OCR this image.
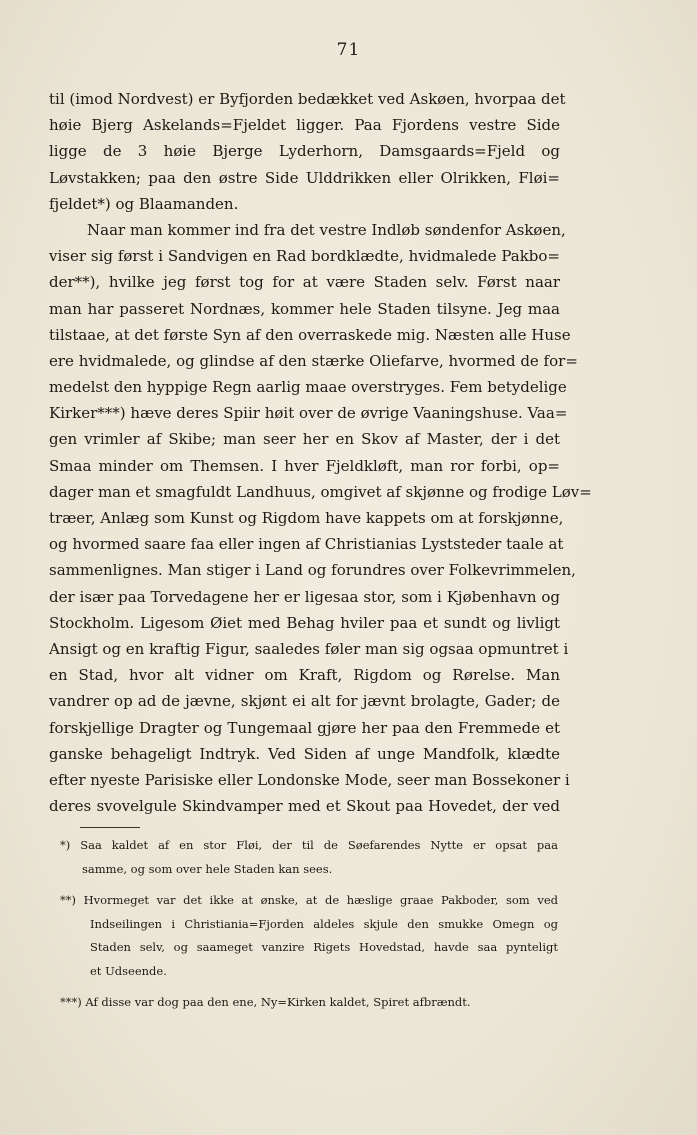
71
til (imod Nordvest) er Byfjorden bedækket ved Askøen, hvorpaa det
høie Bjerg Askelands=Fjeldet ligger. Paa Fjordens vestre Side
ligge de 3 høie Bjerge Lyderhorn, Damsgaards=Fjeld og
Løvstakken; paa den østre Side Ulddrikken eller Olrikken, Fløi=
fjeldet*) og Blaamanden.
Naar man kommer ind fra det vestre Indløb søndenfor Askøen,
viser sig først i Sandvigen en Rad bordklædte, hvidmalede Pakbo=
der**), hvilke jeg først tog for at være Staden selv. Først naar
man har passeret Nordnæs, kommer hele Staden tilsyne. Jeg maa
tilstaae, at det første Syn af den overraskede mig. Næsten alle Huse
ere hvidmalede, og glindse af den stærke Oliefarve, hvormed de for=
medelst den hyppige Regn aarlig maae overstryges. Fem betydelige
Kirker***) hæve deres Spiir høit over de øvrige Vaaningshuse. Vaa=
gen vrimler af Skibe; man seer her en Skov af Master, der i det
Smaa minder om Themsen. I hver Fjeldkløft, man ror forbi, op=
dager man et smagfuldt Landhuus, omgivet af skjønne og frodige Løv=
træer, Anlæg som Kunst og Rigdom have kappets om at forskjønne,
og hvormed saare faa eller ingen af Christianias Lyststeder taale at
sammenlignes. Man stiger i Land og forundres over Folkevrimmelen,
der især paa Torvedagene her er ligesaa stor, som i Kjøbenhavn og
Stockholm. Ligesom Øiet med Behag hviler paa et sundt og livligt
Ansigt og en kraftig Figur, saaledes føler man sig ogsaa opmuntret i
en Stad, hvor alt vidner om Kraft, Rigdom og Rørelse. Man
vandrer op ad de jævne, skjønt ei alt for jævnt brolagte, Gader; de
forskjellige Dragter og Tungemaal gjøre her paa den Fremmede et
ganske behageligt Indtryk. Ved Siden af unge Mandfolk, klædte
efter nyeste Parisiske eller Londonske Mode, seer man Bossekoner i
deres svovelgule Skindvamper med et Skout paa Hovedet, der ved
*) Saa kaldet af en stor Fløi, der til de Søefarendes Nytte er opsat paa
samme, og som over hele Staden kan sees.
**) Hvormeget var det ikke at ønske, at de hæslige graae Pakboder, som ved
Indseilingen i Christiania=Fjorden aldeles skjule den smukke Omegn og
Staden selv, og saameget vanzire Rigets Hovedstad, havde saa pynteligt
et Udseende.
***) Af disse var dog paa den ene, Ny=Kirken kaldet, Spiret afbrændt.
